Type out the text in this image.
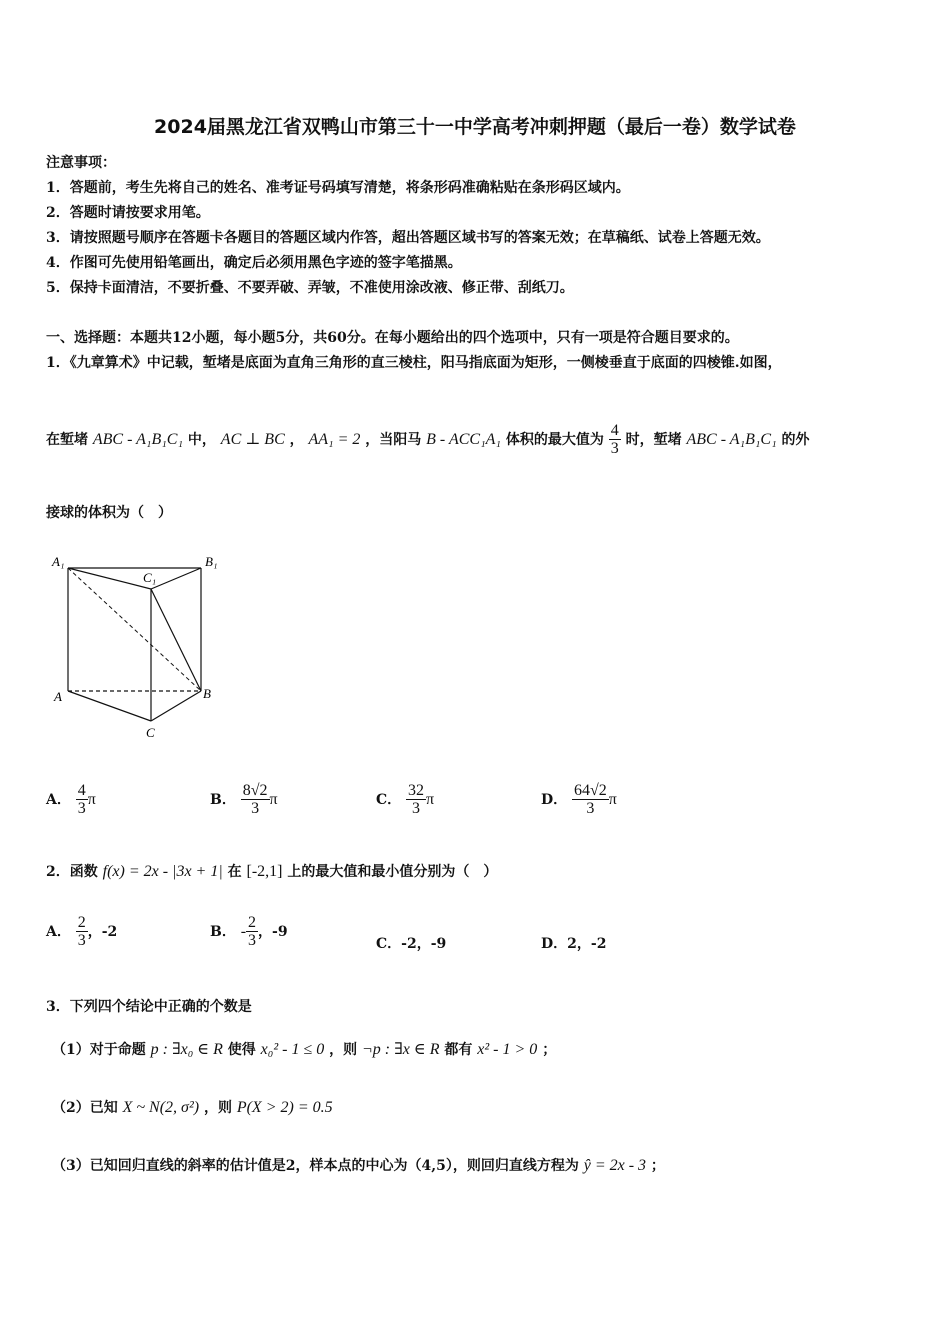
2024届黑龙江省双鸭山市第三十一中学高考冲刺押题（最后一卷）数学试卷
注意事项：
1．答题前，考生先将自己的姓名、准考证号码填写清楚，将条形码准确粘贴在条形码区域内。
2．答题时请按要求用笔。
3．请按照题号顺序在答题卡各题目的答题区域内作答，超出答题区域书写的答案无效；在草稿纸、试卷上答题无效。
4．作图可先使用铅笔画出，确定后必须用黑色字迹的签字笔描黑。
5．保持卡面清洁，不要折叠、不要弄破、弄皱，不准使用涂改液、修正带、刮纸刀。
一、选择题：本题共12小题，每小题5分，共60分。在每小题给出的四个选项中，只有一项是符合题目要求的。
1．《九章算术》中记载，堑堵是底面为直角三角形的直三棱柱，阳马指底面为矩形，一侧棱垂直于底面的四棱锥.如图，
在堑堵 ABC - A₁B₁C₁ 中， AC ⊥ BC ， AA₁ = 2 ，当阳马 B - ACC₁A₁ 体积的最大值为 $\frac{4}{3}$ 时，堑堵 ABC - A₁B₁C₁ 的外
接球的体积为（　）
A₁	B₁
C₁
A	B
C
A． $\frac{4}{3}$ π	B． $\frac{8√2}{3}$ π	C． $\frac{32}{3}$ π	D． $\frac{64√2}{3}$ π
2．函数 f(x) = 2x - |3x + 1| 在 [-2,1] 上的最大值和最小值分别为（　）
A． $\frac{2}{3}$ ，-2	B． - $\frac{2}{3}$ ，-9
C．-2，-9	D．2，-2
3．下列四个结论中正确的个数是
（1）对于命题 p : ∃x₀ ∈ R 使得 x₀² - 1 ≤ 0 ，则 ¬p : ∃x ∈ R 都有 x² - 1 > 0 ；
（2）已知 X ~ N(2, σ²) ，则 P(X > 2) = 0.5
（3）已知回归直线的斜率的估计值是2，样本点的中心为（4,5），则回归直线方程为 ŷ = 2x - 3 ；
